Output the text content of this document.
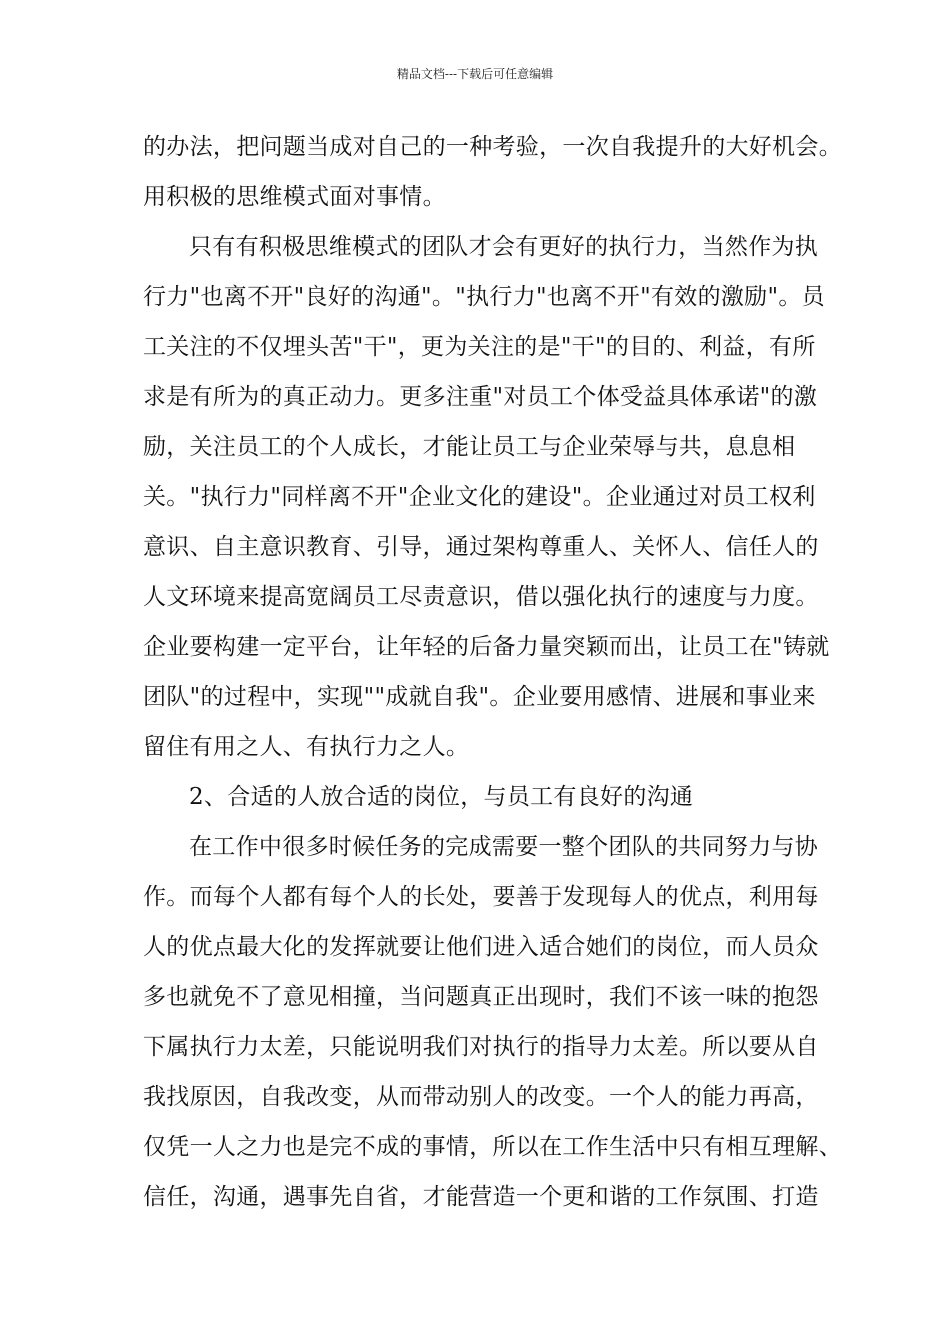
精品文档---下载后可任意编辑
的办法，把问题当成对自己的一种考验，一次自我提升的大好机会。
用积极的思维模式面对事情。
只有有积极思维模式的团队才会有更好的执行力，当然作为执
行力"也离不开"良好的沟通"。"执行力"也离不开"有效的激励"。员
工关注的不仅埋头苦"干"，更为关注的是"干"的目的、利益，有所
求是有所为的真正动力。更多注重"对员工个体受益具体承诺"的激
励，关注员工的个人成长，才能让员工与企业荣辱与共，息息相
关。"执行力"同样离不开"企业文化的建设"。企业通过对员工权利
意识、自主意识教育、引导，通过架构尊重人、关怀人、信任人的
人文环境来提高宽阔员工尽责意识，借以强化执行的速度与力度。
企业要构建一定平台，让年轻的后备力量突颖而出，让员工在"铸就
团队"的过程中，实现""成就自我"。企业要用感情、进展和事业来
留住有用之人、有执行力之人。
2、合适的人放合适的岗位，与员工有良好的沟通
在工作中很多时候任务的完成需要一整个团队的共同努力与协
作。而每个人都有每个人的长处，要善于发现每人的优点，利用每
人的优点最大化的发挥就要让他们进入适合她们的岗位，而人员众
多也就免不了意见相撞，当问题真正出现时，我们不该一味的抱怨
下属执行力太差，只能说明我们对执行的指导力太差。所以要从自
我找原因，自我改变，从而带动别人的改变。一个人的能力再高，
仅凭一人之力也是完不成的事情，所以在工作生活中只有相互理解、
信任，沟通，遇事先自省，才能营造一个更和谐的工作氛围、打造
